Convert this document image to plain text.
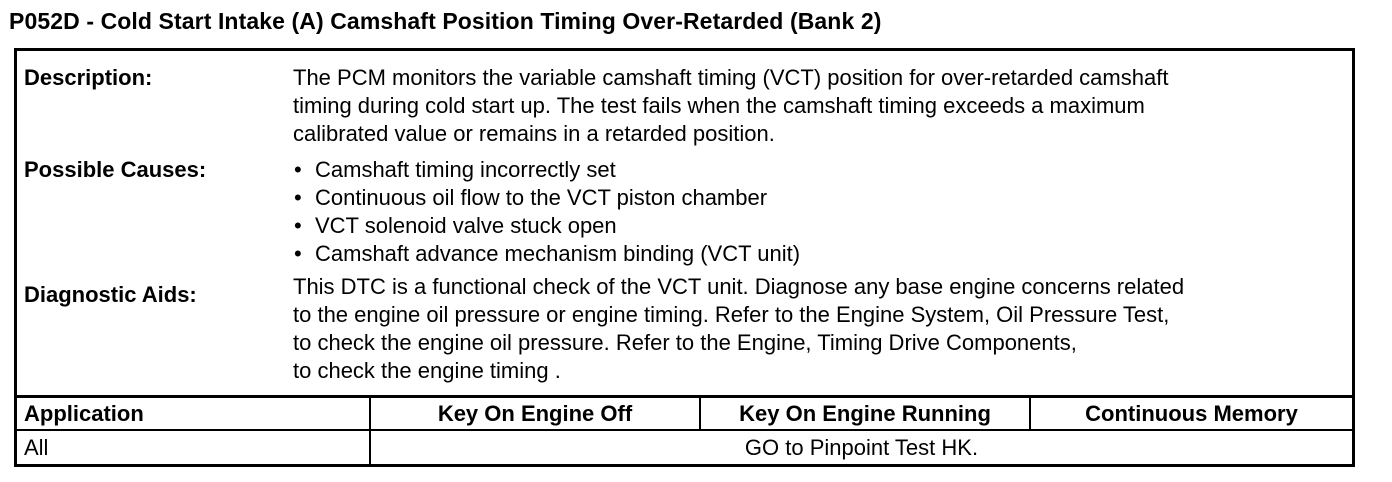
P052D - Cold Start Intake (A) Camshaft Position Timing Over-Retarded (Bank 2)
Description:	The PCM monitors the variable camshaft timing (VCT) position for over-retarded camshaft
timing during cold start up. The test fails when the camshaft timing exceeds a maximum
calibrated value or remains in a retarded position.
Possible Causes:
•	Camshaft timing incorrectly set
• Continuous oil flow to the VCT piston chamber
• VCT solenoid valve stuck open
• Camshaft advance mechanism binding (VCT unit)
Diagnostic Aids:	This DTC is a functional check of the VCT unit. Diagnose any base engine concerns related
to the engine oil pressure or engine timing. Refer to the Engine System, Oil Pressure Test,
to check the engine oil pressure. Refer to the Engine, Timing Drive Components,
to check the engine timing .
Application	Key On Engine Off	Key On Engine Running	Continuous Memory
All	GO to Pinpoint Test HK.
